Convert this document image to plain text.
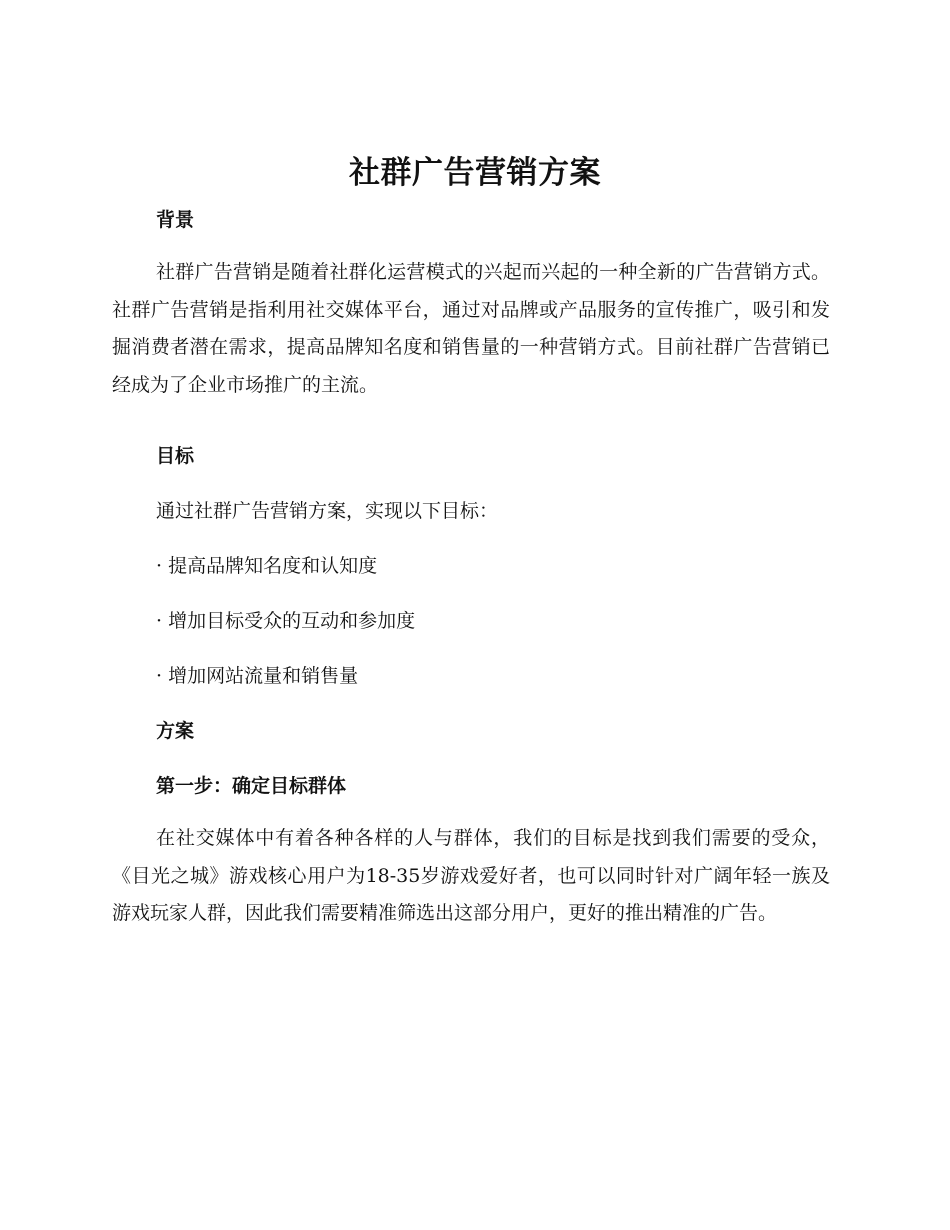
社群广告营销方案
背景

社群广告营销是随着社群化运营模式的兴起而兴起的一种全新的广告营销方式。社群广告营销是指利用社交媒体平台，通过对品牌或产品服务的宣传推广，吸引和发掘消费者潜在需求，提高品牌知名度和销售量的一种营销方式。目前社群广告营销已经成为了企业市场推广的主流。

目标
通过社群广告营销方案，实现以下目标：
· 提高品牌知名度和认知度
· 增加目标受众的互动和参加度
· 增加网站流量和销售量
方案
第一步：确定目标群体

在社交媒体中有着各种各样的人与群体，我们的目标是找到我们需要的受众，《目光之城》游戏核心用户为18-35岁游戏爱好者，也可以同时针对广阔年轻一族及游戏玩家人群，因此我们需要精准筛选出这部分用户，更好的推出精准的广告。
